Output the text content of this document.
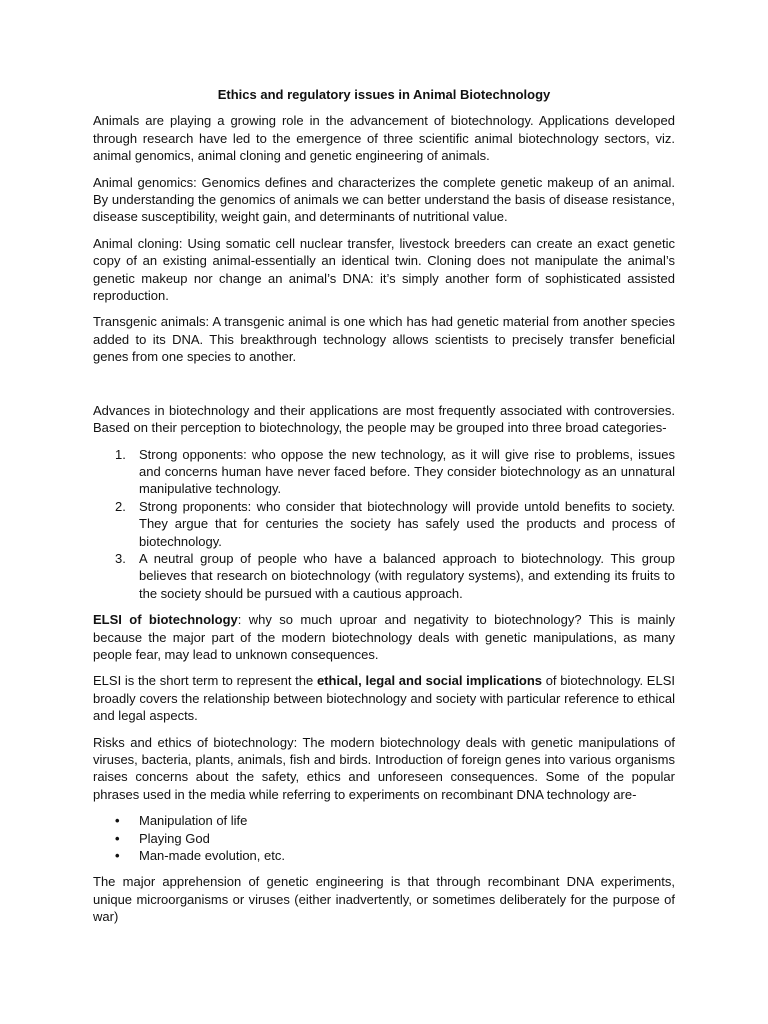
Ethics and regulatory issues in Animal Biotechnology

Animals are playing a growing role in the advancement of biotechnology. Applications developed through research have led to the emergence of three scientific animal biotechnology sectors, viz. animal genomics, animal cloning and genetic engineering of animals.

Animal genomics: Genomics defines and characterizes the complete genetic makeup of an animal. By understanding the genomics of animals we can better understand the basis of disease resistance, disease susceptibility, weight gain, and determinants of nutritional value.

Animal cloning: Using somatic cell nuclear transfer, livestock breeders can create an exact genetic copy of an existing animal-essentially an identical twin. Cloning does not manipulate the animal’s genetic makeup nor change an animal’s DNA: it’s simply another form of sophisticated assisted reproduction.

Transgenic animals: A transgenic animal is one which has had genetic material from another species added to its DNA. This breakthrough technology allows scientists to precisely transfer beneficial genes from one species to another.

Advances in biotechnology and their applications are most frequently associated with controversies. Based on their perception to biotechnology, the people may be grouped into three broad categories-

1. Strong opponents: who oppose the new technology, as it will give rise to problems, issues and concerns human have never faced before. They consider biotechnology as an unnatural manipulative technology.
2. Strong proponents: who consider that biotechnology will provide untold benefits to society. They argue that for centuries the society has safely used the products and process of biotechnology.
3. A neutral group of people who have a balanced approach to biotechnology. This group believes that research on biotechnology (with regulatory systems), and extending its fruits to the society should be pursued with a cautious approach.

ELSI of biotechnology: why so much uproar and negativity to biotechnology? This is mainly because the major part of the modern biotechnology deals with genetic manipulations, as many people fear, may lead to unknown consequences.

ELSI is the short term to represent the ethical, legal and social implications of biotechnology. ELSI broadly covers the relationship between biotechnology and society with particular reference to ethical and legal aspects.

Risks and ethics of biotechnology: The modern biotechnology deals with genetic manipulations of viruses, bacteria, plants, animals, fish and birds. Introduction of foreign genes into various organisms raises concerns about the safety, ethics and unforeseen consequences. Some of the popular phrases used in the media while referring to experiments on recombinant DNA technology are-

• Manipulation of life
• Playing God
• Man-made evolution, etc.

The major apprehension of genetic engineering is that through recombinant DNA experiments, unique microorganisms or viruses (either inadvertently, or sometimes deliberately for the purpose of war)
